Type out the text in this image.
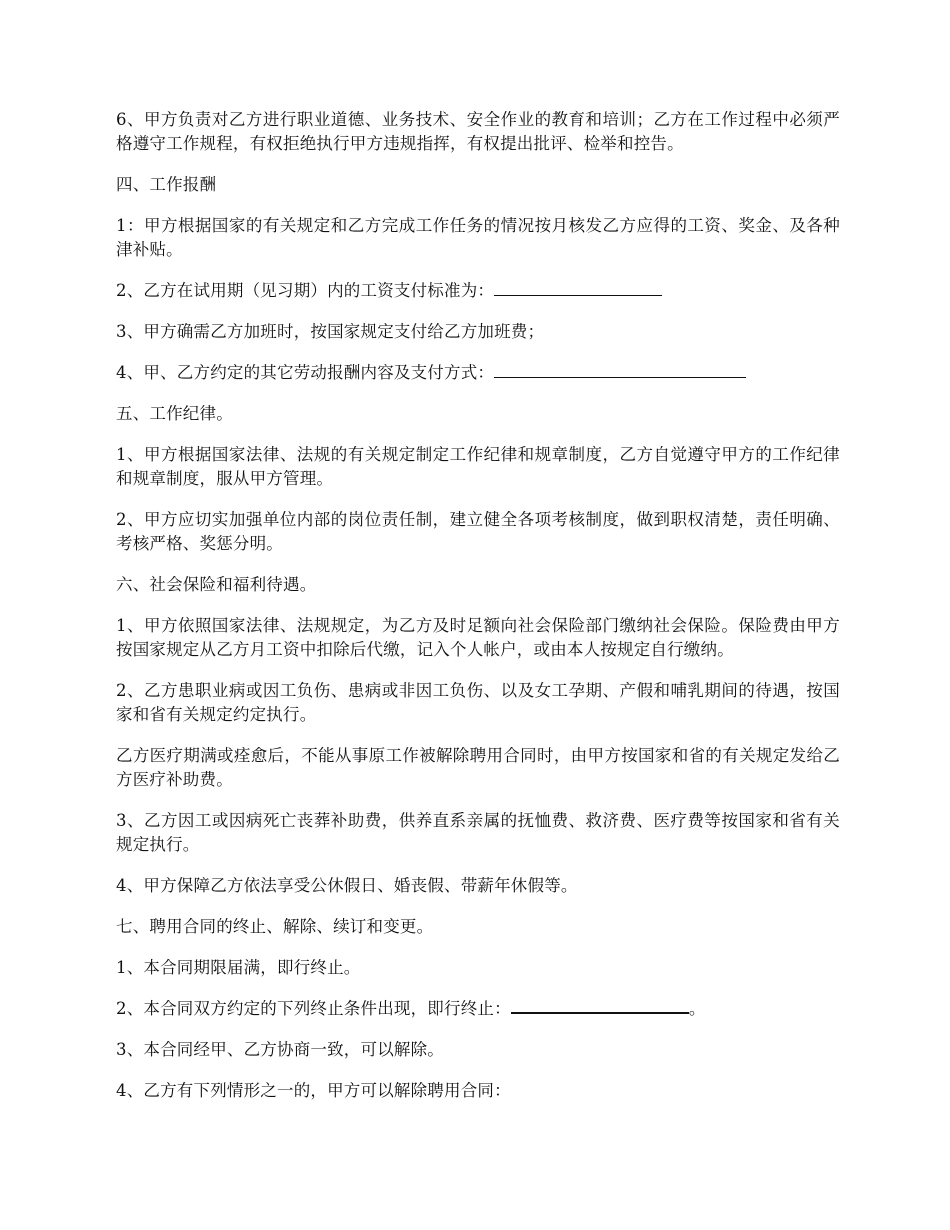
6、甲方负责对乙方进行职业道德、业务技术、安全作业的教育和培训；乙方在工作过程中必须严格遵守工作规程，有权拒绝执行甲方违规指挥，有权提出批评、检举和控告。

四、工作报酬

1：甲方根据国家的有关规定和乙方完成工作任务的情况按月核发乙方应得的工资、奖金、及各种津补贴。

2、乙方在试用期（见习期）内的工资支付标准为：

3、甲方确需乙方加班时，按国家规定支付给乙方加班费；

4、甲、乙方约定的其它劳动报酬内容及支付方式：

五、工作纪律。

1、甲方根据国家法律、法规的有关规定制定工作纪律和规章制度，乙方自觉遵守甲方的工作纪律和规章制度，服从甲方管理。

2、甲方应切实加强单位内部的岗位责任制，建立健全各项考核制度，做到职权清楚，责任明确、考核严格、奖惩分明。

六、社会保险和福利待遇。

1、甲方依照国家法律、法规规定，为乙方及时足额向社会保险部门缴纳社会保险。保险费由甲方按国家规定从乙方月工资中扣除后代缴，记入个人帐户，或由本人按规定自行缴纳。

2、乙方患职业病或因工负伤、患病或非因工负伤、以及女工孕期、产假和哺乳期间的待遇，按国家和省有关规定约定执行。

乙方医疗期满或痊愈后，不能从事原工作被解除聘用合同时，由甲方按国家和省的有关规定发给乙方医疗补助费。

3、乙方因工或因病死亡丧葬补助费，供养直系亲属的抚恤费、救济费、医疗费等按国家和省有关规定执行。

4、甲方保障乙方依法享受公休假日、婚丧假、带薪年休假等。

七、聘用合同的终止、解除、续订和变更。

1、本合同期限届满，即行终止。

2、本合同双方约定的下列终止条件出现，即行终止：	。

3、本合同经甲、乙方协商一致，可以解除。

4、乙方有下列情形之一的，甲方可以解除聘用合同：
